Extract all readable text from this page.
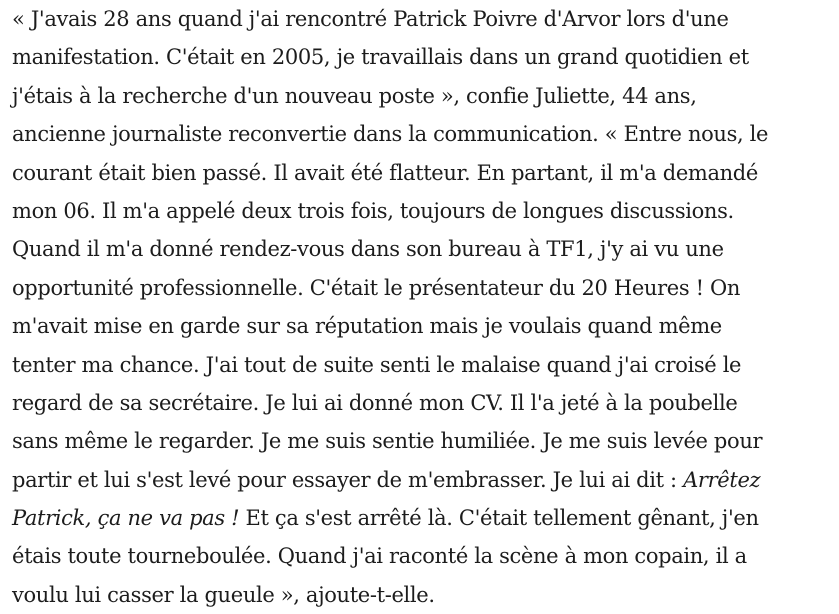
« J'avais 28 ans quand j'ai rencontré Patrick Poivre d'Arvor lors d'une
manifestation. C'était en 2005, je travaillais dans un grand quotidien et
j'étais à la recherche d'un nouveau poste », confie Juliette, 44 ans,
ancienne journaliste reconvertie dans la communication. « Entre nous, le
courant était bien passé. Il avait été flatteur. En partant, il m'a demandé
mon 06. Il m'a appelé deux trois fois, toujours de longues discussions.
Quand il m'a donné rendez-vous dans son bureau à TF1, j'y ai vu une
opportunité professionnelle. C'était le présentateur du 20 Heures ! On
m'avait mise en garde sur sa réputation mais je voulais quand même
tenter ma chance. J'ai tout de suite senti le malaise quand j'ai croisé le
regard de sa secrétaire. Je lui ai donné mon CV. Il l'a jeté à la poubelle
sans même le regarder. Je me suis sentie humiliée. Je me suis levée pour
partir et lui s'est levé pour essayer de m'embrasser. Je lui ai dit : Arrêtez
Patrick, ça ne va pas ! Et ça s'est arrêté là. C'était tellement gênant, j'en
étais toute tourneboulée. Quand j'ai raconté la scène à mon copain, il a
voulu lui casser la gueule », ajoute-t-elle.
